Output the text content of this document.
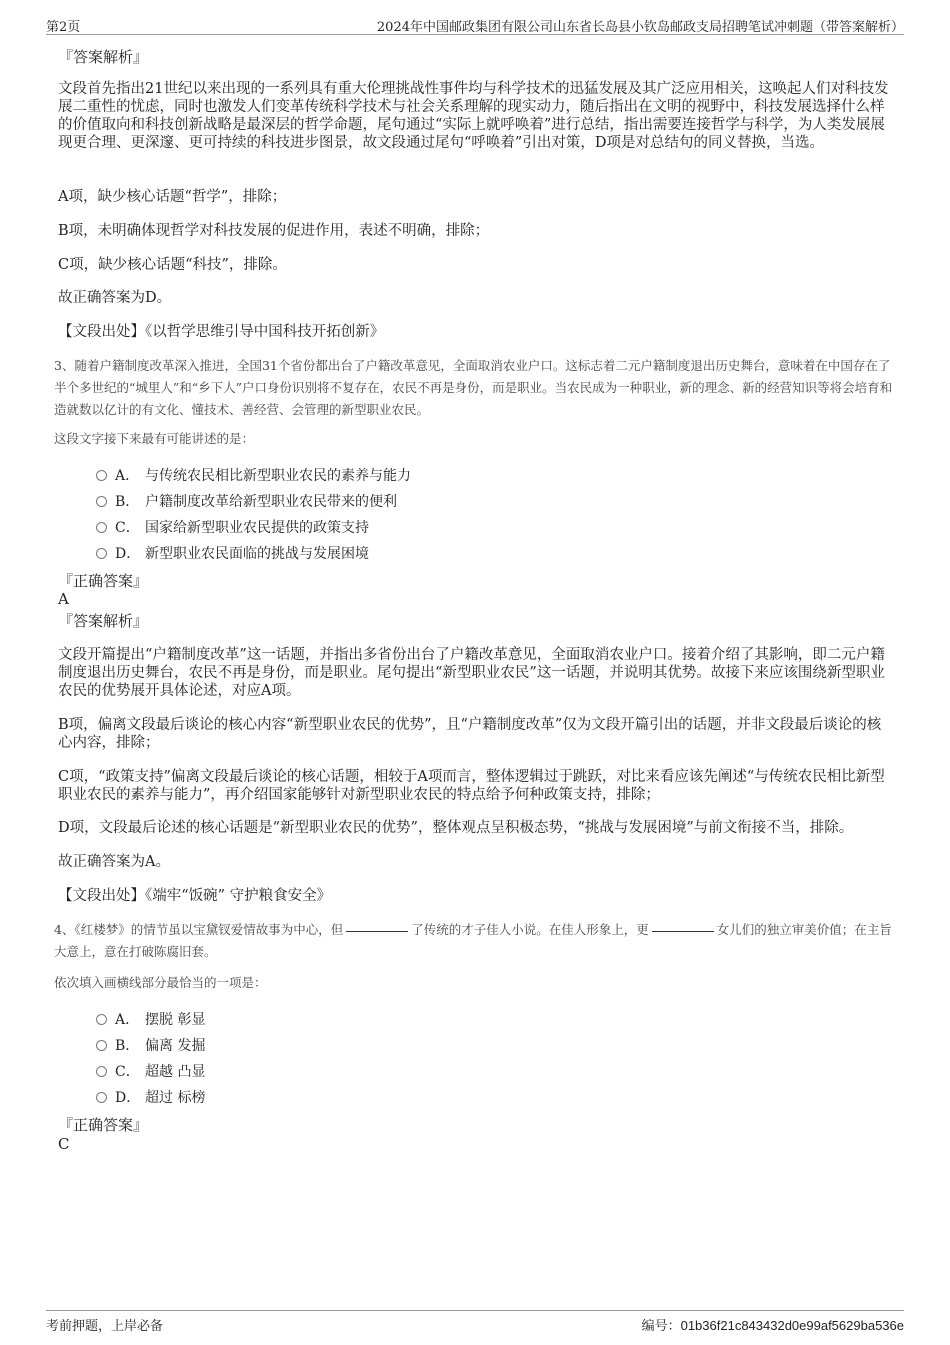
第2页	2024年中国邮政集团有限公司山东省长岛县小钦岛邮政支局招聘笔试冲刺题（带答案解析）
『答案解析』
文段首先指出21世纪以来出现的一系列具有重大伦理挑战性事件均与科学技术的迅猛发展及其广泛应用相关，这唤起人们对科技发展二重性的忧虑，同时也激发人们变革传统科学技术与社会关系理解的现实动力，随后指出在文明的视野中，科技发展选择什么样的价值取向和科技创新战略是最深层的哲学命题，尾句通过“实际上就呼唤着”进行总结，指出需要连接哲学与科学，为人类发展展现更合理、更深邃、更可持续的科技进步图景，故文段通过尾句“呼唤着”引出对策，D项是对总结句的同义替换，当选。
A项，缺少核心话题“哲学”，排除；
B项，未明确体现哲学对科技发展的促进作用，表述不明确，排除；
C项，缺少核心话题“科技”，排除。
故正确答案为D。
【文段出处】《以哲学思维引导中国科技开拓创新》
3、随着户籍制度改革深入推进，全国31个省份都出台了户籍改革意见，全面取消农业户口。这标志着二元户籍制度退出历史舞台，意味着在中国存在了半个多世纪的“城里人”和“乡下人”户口身份识别将不复存在，农民不再是身份，而是职业。当农民成为一种职业，新的理念、新的经营知识等将会培育和造就数以亿计的有文化、懂技术、善经营、会管理的新型职业农民。
这段文字接下来最有可能讲述的是：
A． 与传统农民相比新型职业农民的素养与能力
B． 户籍制度改革给新型职业农民带来的便利
C． 国家给新型职业农民提供的政策支持
D． 新型职业农民面临的挑战与发展困境
『正确答案』
A
『答案解析』
文段开篇提出“户籍制度改革”这一话题，并指出多省份出台了户籍改革意见，全面取消农业户口。接着介绍了其影响，即二元户籍制度退出历史舞台，农民不再是身份，而是职业。尾句提出“新型职业农民”这一话题，并说明其优势。故接下来应该围绕新型职业农民的优势展开具体论述，对应A项。
B项，偏离文段最后谈论的核心内容“新型职业农民的优势”，且“户籍制度改革”仅为文段开篇引出的话题，并非文段最后谈论的核心内容，排除；
C项，“政策支持”偏离文段最后谈论的核心话题，相较于A项而言，整体逻辑过于跳跃，对比来看应该先阐述“与传统农民相比新型职业农民的素养与能力”，再介绍国家能够针对新型职业农民的特点给予何种政策支持，排除；
D项，文段最后论述的核心话题是“新型职业农民的优势”，整体观点呈积极态势，“挑战与发展困境”与前文衔接不当，排除。
故正确答案为A。
【文段出处】《端牢“饭碗” 守护粮食安全》
4、《红楼梦》的情节虽以宝黛钗爱情故事为中心，但	了传统的才子佳人小说。在佳人形象上，更	女儿们的独立审美价值；在主旨大意上，意在打破陈腐旧套。
依次填入画横线部分最恰当的一项是：
A． 摆脱 彰显
B． 偏离 发掘
C． 超越 凸显
D． 超过 标榜
『正确答案』
C
考前押题，上岸必备	编号：01b36f21c843432d0e99af5629ba536e
